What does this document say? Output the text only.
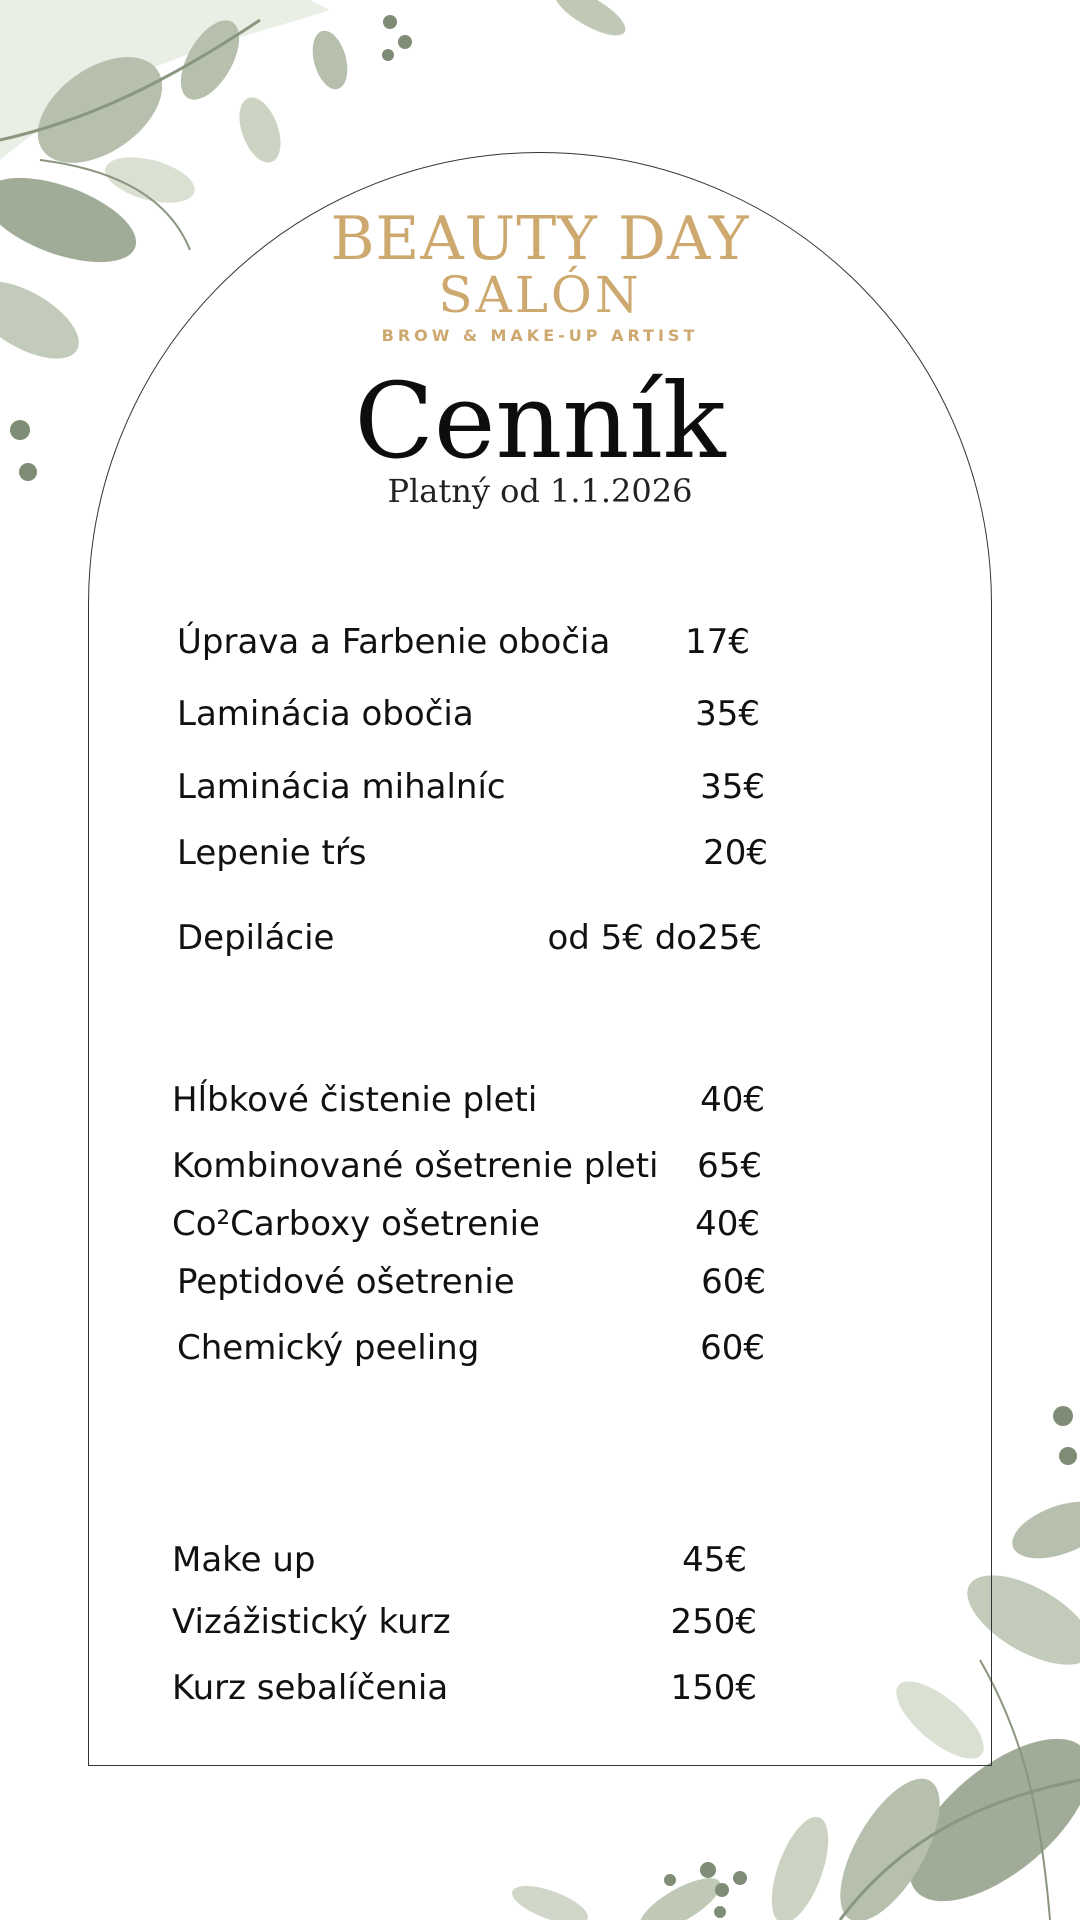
BEAUTY DAY
SALÓN
BROW & MAKE-UP ARTIST
Cenník
Platný od 1.1.2026
Úprava a Farbenie obočia	17€
Laminácia obočia	35€
Laminácia mihalníc	35€
Lepenie tŕs	20€
Depilácie	od 5€ do25€
Hĺbkové čistenie pleti	40€
Kombinované ošetrenie pleti	65€
Co²Carboxy ošetrenie	40€
Peptidové ošetrenie	60€
Chemický peeling	60€
Make up	45€
Vizážistický kurz	250€
Kurz sebalíčenia	150€
